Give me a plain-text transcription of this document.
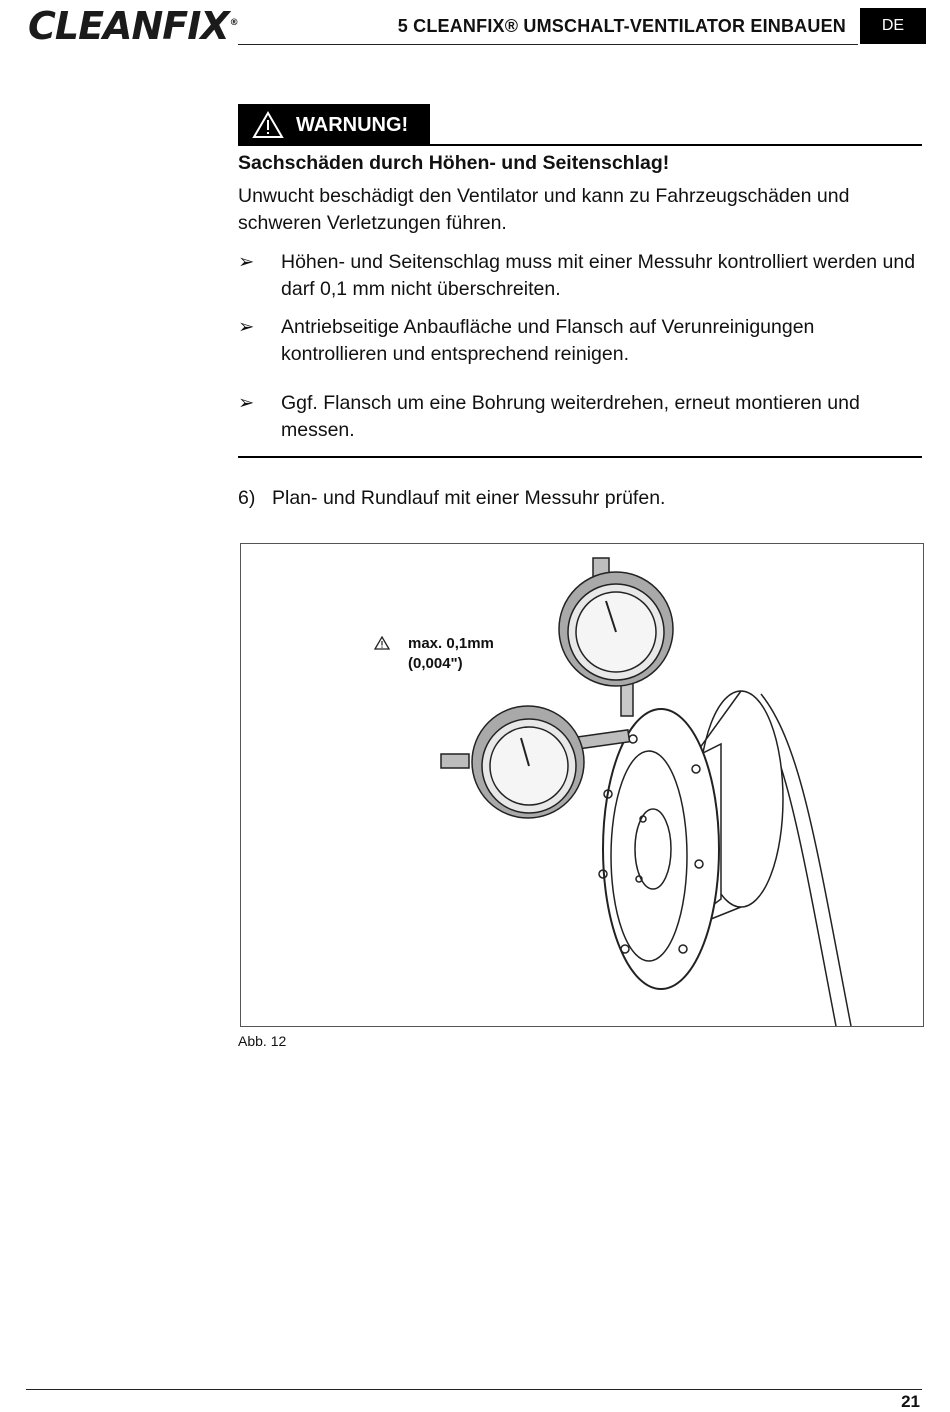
CLEANFIX®	5 CLEANFIX® UMSCHALT-VENTILATOR EINBAUEN	DE
WARNUNG!
Sachschäden durch Höhen- und Seitenschlag!
Unwucht beschädigt den Ventilator und kann zu Fahrzeugschäden und schweren Verletzungen führen.
➢ Höhen- und Seitenschlag muss mit einer Messuhr kontrolliert werden und darf 0,1 mm nicht überschreiten.
➢ Antriebseitige Anbaufläche und Flansch auf Verunreinigungen kontrollieren und entsprechend reinigen.
➢ Ggf. Flansch um eine Bohrung weiterdrehen, erneut montieren und messen.
6) Plan- und Rundlauf mit einer Messuhr prüfen.
max. 0,1mm
(0,004")
Abb. 12
21
